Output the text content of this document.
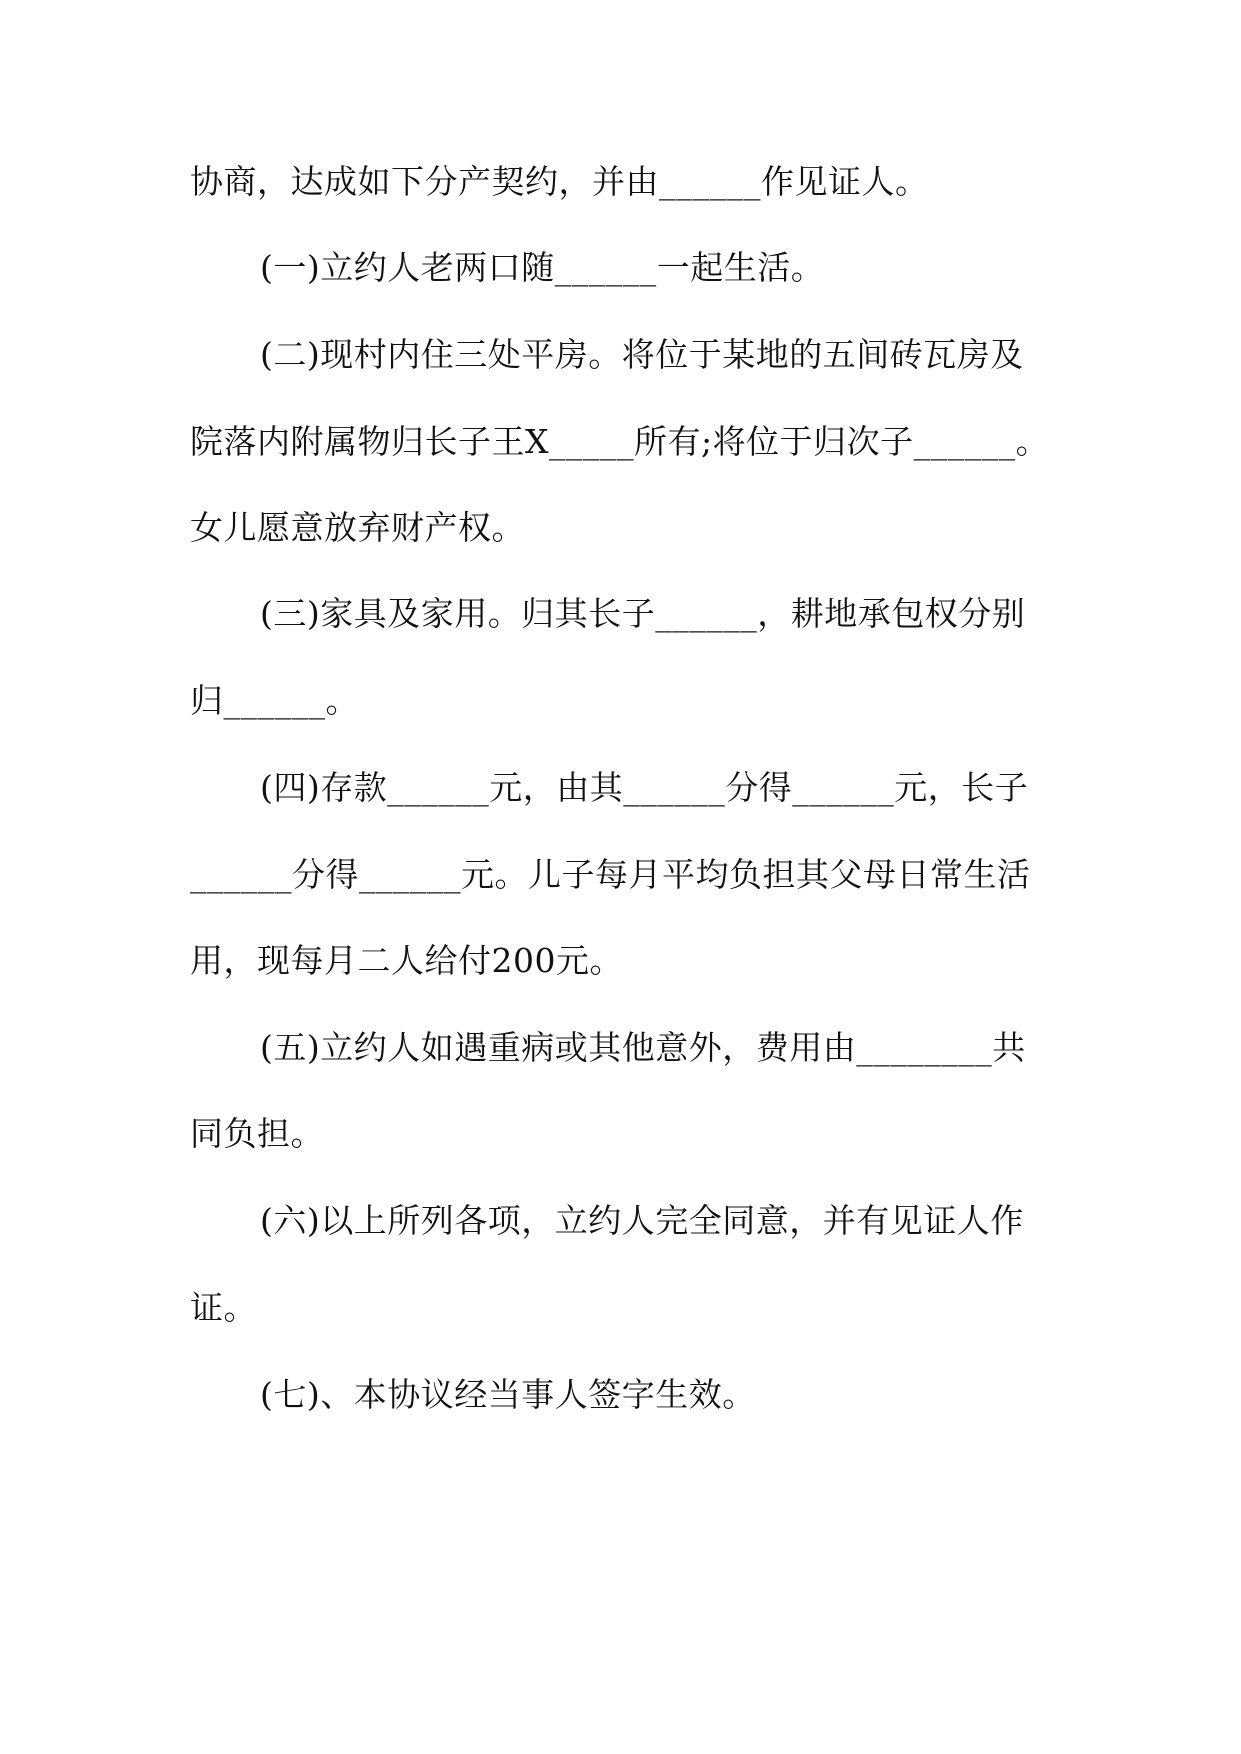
协商，达成如下分产契约，并由______作见证人。
(一)立约人老两口随______一起生活。
(二)现村内住三处平房。将位于某地的五间砖瓦房及
院落内附属物归长子王X_____所有;将位于归次子______。
女儿愿意放弃财产权。
(三)家具及家用。归其长子______，耕地承包权分别
归______。
(四)存款______元，由其______分得______元，长子
______分得______元。儿子每月平均负担其父母日常生活
用，现每月二人给付200元。
(五)立约人如遇重病或其他意外，费用由________共
同负担。
(六)以上所列各项，立约人完全同意，并有见证人作
证。
(七)、本协议经当事人签字生效。
